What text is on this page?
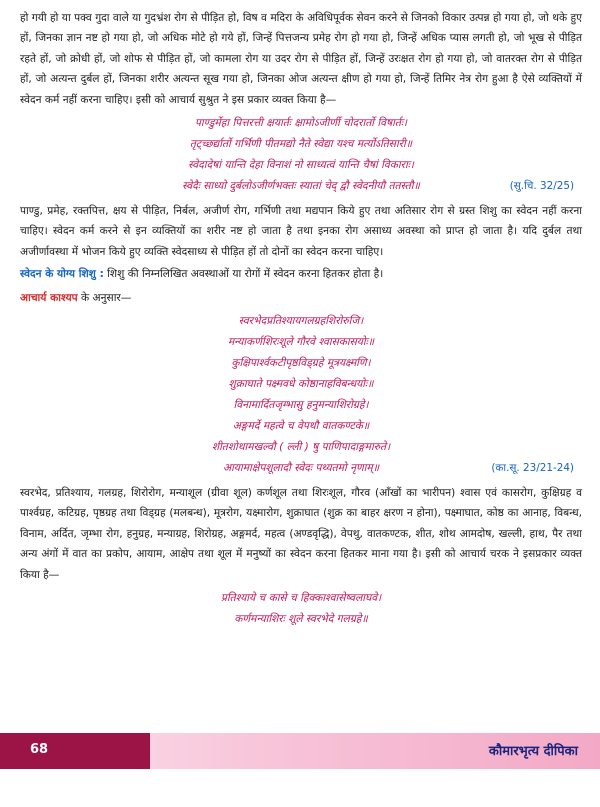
हो गयी हो या पक्व गुदा वाले या गुदभ्रंश रोग से पीड़ित हो, विष व मदिरा के अविधिपूर्वक सेवन करने से जिनको विकार उत्पन्न हो गया हो, जो थके हुए हों, जिनका ज्ञान नष्ट हो गया हो, जो अधिक मोटे हो गये हों, जिन्हें पित्तजन्य प्रमेह रोग हो गया हो, जिन्हें अधिक प्यास लगती हो, जो भूख से पीड़ित रहते हों, जो क्रोधी हों, जो शोफ से पीड़ित हों, जो कामला रोग या उदर रोग से पीड़ित हों, जिन्हें उरःक्षत रोग हो गया हो, जो वातरक्त रोग से पीड़ित हों, जो अत्यन्त दुर्बल हों, जिनका शरीर अत्यन्त सूख गया हो, जिनका ओज अत्यन्त क्षीण हो गया हो, जिन्हें तिमिर नेत्र रोग हुआ है ऐसे व्यक्तियों में स्वेदन कर्म नहीं करना चाहिए। इसी को आचार्य सुश्रुत ने इस प्रकार व्यक्त किया है—

पाण्डुर्मेहा पित्तरत्ती क्षयार्तः क्षामोऽजीर्णी चोदरार्तो विषार्तः।

तृट्च्छर्द्यार्तो गर्भिणी पीतमद्यो नैते स्वेद्या यश्च मर्त्योऽतिसारी॥

स्वेदादेषां यान्ति देहा विनाशं नो साध्यत्वं यान्ति चैषां विकाराः।

स्वेदैः साध्यो दुर्बलोऽजीर्णभक्तः स्यातां चेद् द्वौ स्वेदनीयौ ततस्तौ॥	(सु.चि. 32/25)

पाण्डु, प्रमेह, रक्तपित्त, क्षय से पीड़ित, निर्बल, अजीर्ण रोग, गर्भिणी तथा मद्यपान किये हुए तथा अतिसार रोग से ग्रस्त शिशु का स्वेदन नहीं करना चाहिए। स्वेदन कर्म करने से इन व्यक्तियों का शरीर नष्ट हो जाता है तथा इनका रोग असाध्य अवस्था को प्राप्त हो जाता है। यदि दुर्बल तथा अजीर्णावस्था में भोजन किये हुए व्यक्ति स्वेदसाध्य से पीड़ित हों तो दोनों का स्वेदन करना चाहिए।

स्वेदन के योग्य शिशु : शिशु की निम्नलिखित अवस्थाओं या रोगों में स्वेदन करना हितकर होता है।

आचार्य काश्यप के अनुसार—

स्वरभेदप्रतिश्यायगलग्रहशिरोरुजि।

मन्याकर्णशिरःशूले गौरवे श्वासकासयोः॥

कुक्षिपार्श्वकटीपृष्ठविड्ग्रहे मूत्रयक्ष्मणि।

शुक्राघाते पक्ष्मवधे कोष्ठानाहविबन्धयोः॥

विनामार्दितजृम्भासु हनुमन्याशिरोग्रहे।

अङ्गमर्दे महत्वे च वेपथौ वातकण्टके॥

शीतशोथामखल्वौ ( ल्ली ) षु पाणिपादाङ्गमारुते।

आयामाक्षेपशूलादौ स्वेदः पथ्यतमो नृणाम्॥	(का.सू. 23/21-24)

स्वरभेद, प्रतिश्याय, गलग्रह, शिरोरोग, मन्याशूल (ग्रीवा शूल) कर्णशूल तथा शिरःशूल, गौरव (आँखों का भारीपन) श्वास एवं कासरोग, कुक्षिग्रह व पार्श्वग्रह, कटिग्रह, पृष्ठग्रह तथा विड्ग्रह (मलबन्ध), मूत्ररोग, यक्ष्मारोग, शुक्राघात (शुक्र का बाहर क्षरण न होना), पक्ष्माघात, कोष्ठ का आनाह, विबन्ध, विनाम, अर्दित, जृम्भा रोग, हनुग्रह, मन्याग्रह, शिरोग्रह, अङ्गमर्द, महत्व (अण्डवृद्धि), वेपथु, वातकण्टक, शीत, शोथ आमदोष, खल्ली, हाथ, पैर तथा अन्य अंगों में वात का प्रकोप, आयाम, आक्षेप तथा शूल में मनुष्यों का स्वेदन करना हितकर माना गया है। इसी को आचार्य चरक ने इसप्रकार व्यक्त किया है—

प्रतिश्याये च कासे च हिक्काश्वासेष्वलाघवे।

कर्णमन्याशिरः शूले स्वरभेदे गलग्रहे॥

68	कौमारभृत्य दीपिका
